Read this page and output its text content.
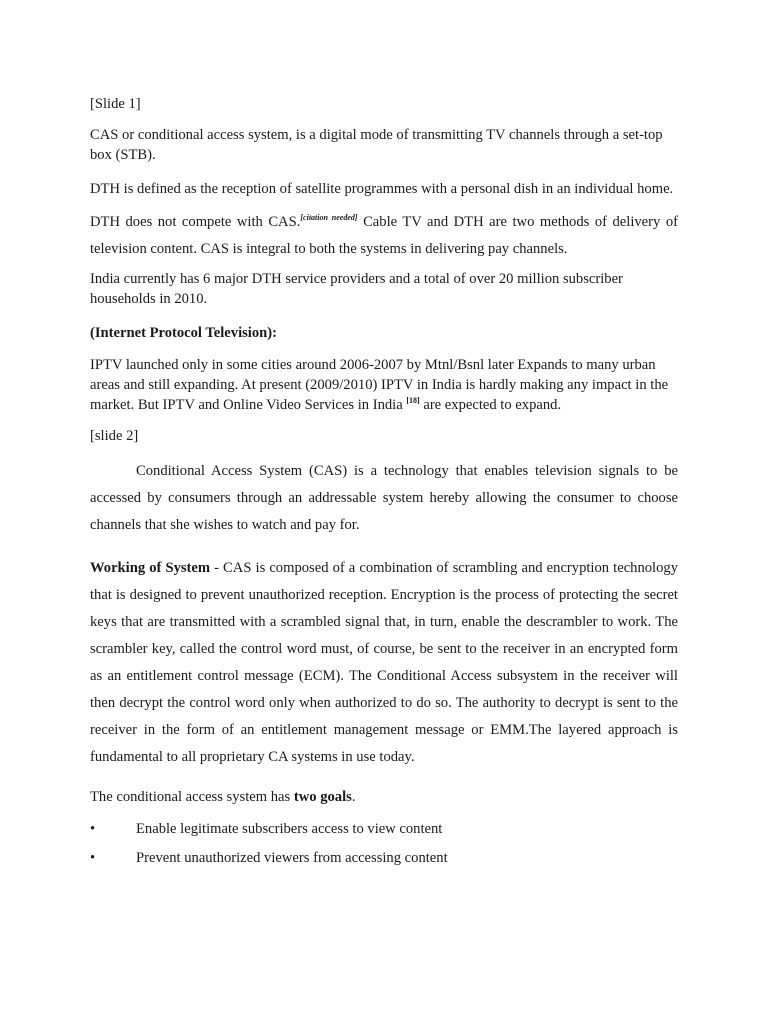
[Slide 1]

CAS or conditional access system, is a digital mode of transmitting TV channels through a set-top box (STB).

DTH is defined as the reception of satellite programmes with a personal dish in an individual home.

DTH does not compete with CAS.[citation needed] Cable TV and DTH are two methods of delivery of television content. CAS is integral to both the systems in delivering pay channels.

India currently has 6 major DTH service providers and a total of over 20 million subscriber households in 2010.

(Internet Protocol Television):

IPTV launched only in some cities around 2006-2007 by Mtnl/Bsnl later Expands to many urban areas and still expanding. At present (2009/2010) IPTV in India is hardly making any impact in the market. But IPTV and Online Video Services in India [18] are expected to expand.

[slide 2]

Conditional Access System (CAS) is a technology that enables television signals to be accessed by consumers through an addressable system hereby allowing the consumer to choose channels that she wishes to watch and pay for.

Working of System - CAS is composed of a combination of scrambling and encryption technology that is designed to prevent unauthorized reception. Encryption is the process of protecting the secret keys that are transmitted with a scrambled signal that, in turn, enable the descrambler to work. The scrambler key, called the control word must, of course, be sent to the receiver in an encrypted form as an entitlement control message (ECM). The Conditional Access subsystem in the receiver will then decrypt the control word only when authorized to do so. The authority to decrypt is sent to the receiver in the form of an entitlement management message or EMM.The layered approach is fundamental to all proprietary CA systems in use today.

The conditional access system has two goals.

•	Enable legitimate subscribers access to view content
•	Prevent unauthorized viewers from accessing content
